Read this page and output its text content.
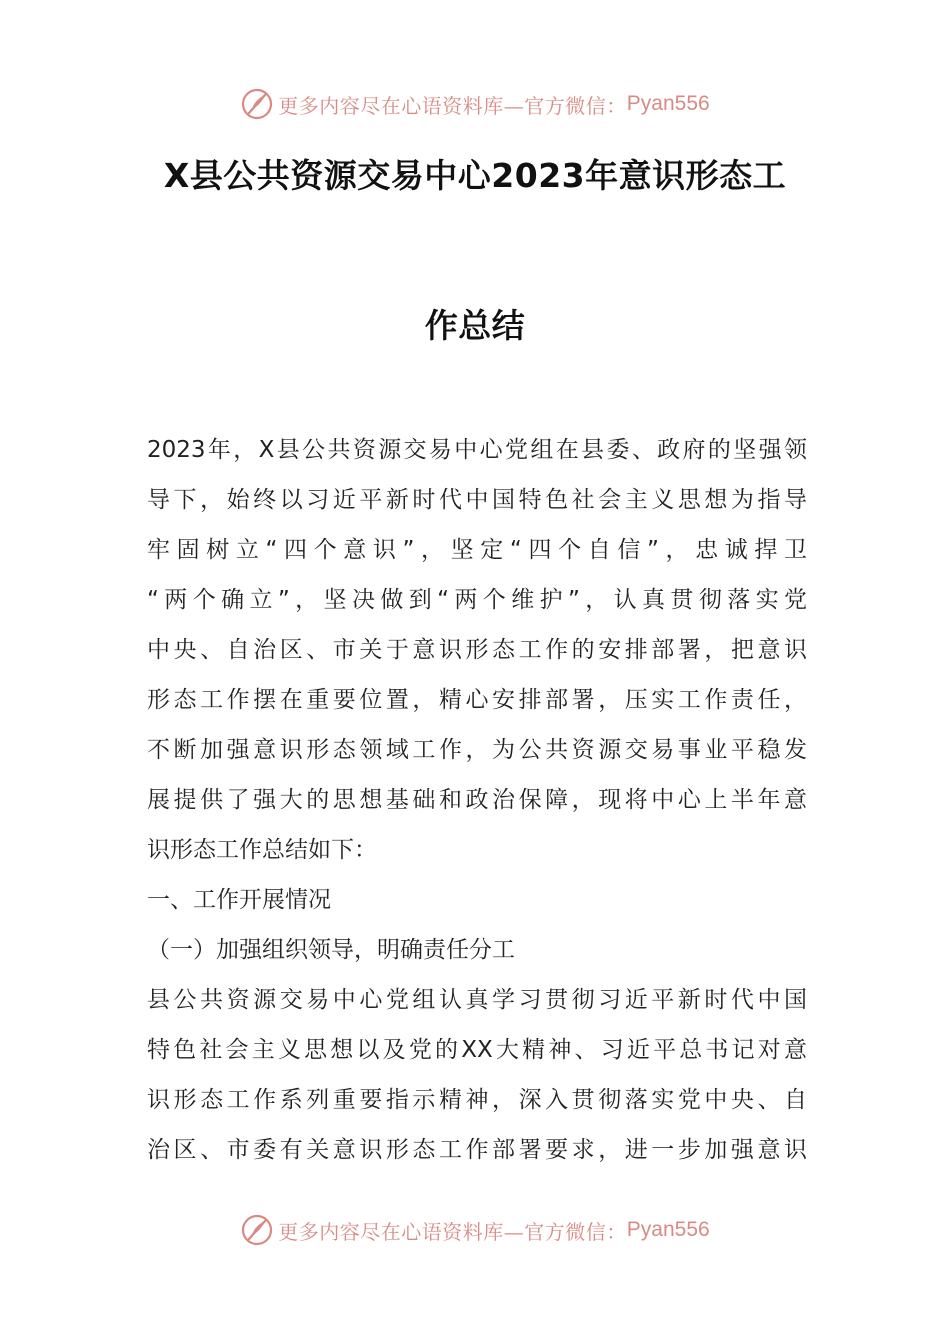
更多内容尽在心语资料库—官方微信： Pyan556
X县公共资源交易中心2023年意识形态工
作总结
2023年，X县公共资源交易中心党组在县委、政府的坚强领
导下，始终以习近平新时代中国特色社会主义思想为指导
牢固树立“四个意识”，坚定“四个自信”，忠诚捍卫
“两个确立”，坚决做到“两个维护”，认真贯彻落实党
中央、自治区、市关于意识形态工作的安排部署，把意识
形态工作摆在重要位置，精心安排部署，压实工作责任，
不断加强意识形态领域工作，为公共资源交易事业平稳发
展提供了强大的思想基础和政治保障，现将中心上半年意
识形态工作总结如下：
一、工作开展情况
（一）加强组织领导，明确责任分工
县公共资源交易中心党组认真学习贯彻习近平新时代中国
特色社会主义思想以及党的XX大精神、习近平总书记对意
识形态工作系列重要指示精神，深入贯彻落实党中央、自
治区、市委有关意识形态工作部署要求，进一步加强意识
更多内容尽在心语资料库—官方微信： Pyan556
